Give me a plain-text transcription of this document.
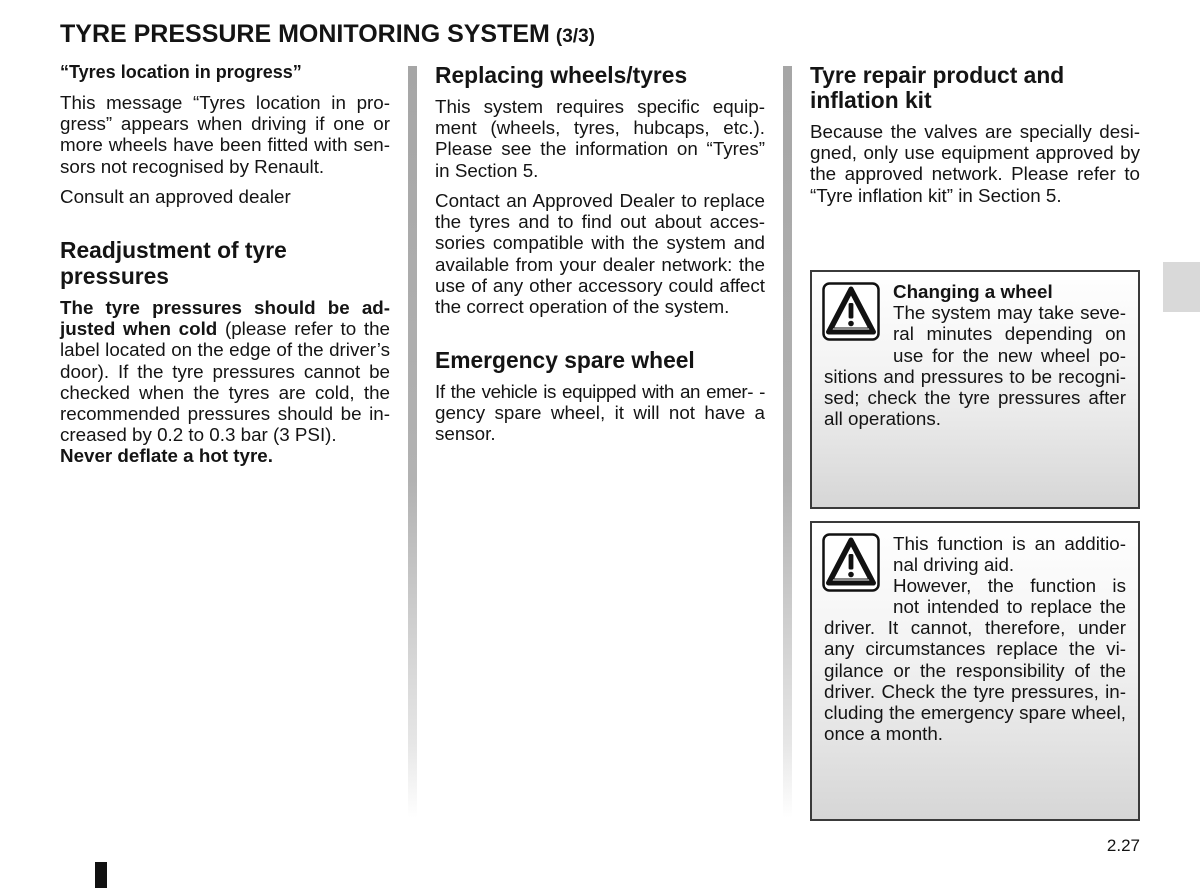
TYRE PRESSURE MONITORING SYSTEM (3/3)
“Tyres location in progress”
This message “Tyres location in pro-
gress” appears when driving if one or
more wheels have been fitted with sen-
sors not recognised by Renault.
Consult an approved dealer
Readjustment of tyre
pressures
The tyre pressures should be ad-
justed when cold (please refer to the
label located on the edge of the driver’s
door). If the tyre pressures cannot be
checked when the tyres are cold, the
recommended pressures should be in-
creased by 0.2 to 0.3 bar (3 PSI).
Never deflate a hot tyre.
Replacing wheels/tyres
This system requires specific equip-
ment (wheels, tyres, hubcaps, etc.).
Please see the information on “Tyres”
in Section 5.
Contact an Approved Dealer to replace
the tyres and to find out about acces-
sories compatible with the system and
available from your dealer network: the
use of any other accessory could affect
the correct operation of the system.
Emergency spare wheel
If the vehicle is equipped with an emer- -
gency spare wheel, it will not have a
sensor.
Tyre repair product and
inflation kit
Because the valves are specially desi-
gned, only use equipment approved by
the approved network. Please refer to
“Tyre inflation kit” in Section 5.
Changing a wheel
The system may take seve-
ral minutes depending on
use for the new wheel po-
sitions and pressures to be recogni-
sed; check the tyre pressures after
all operations.
This function is an additio-
nal driving aid.
However, the function is
not intended to replace the
driver. It cannot, therefore, under
any circumstances replace the vi-
gilance or the responsibility of the
driver. Check the tyre pressures, in-
cluding the emergency spare wheel,
once a month.
2.27
